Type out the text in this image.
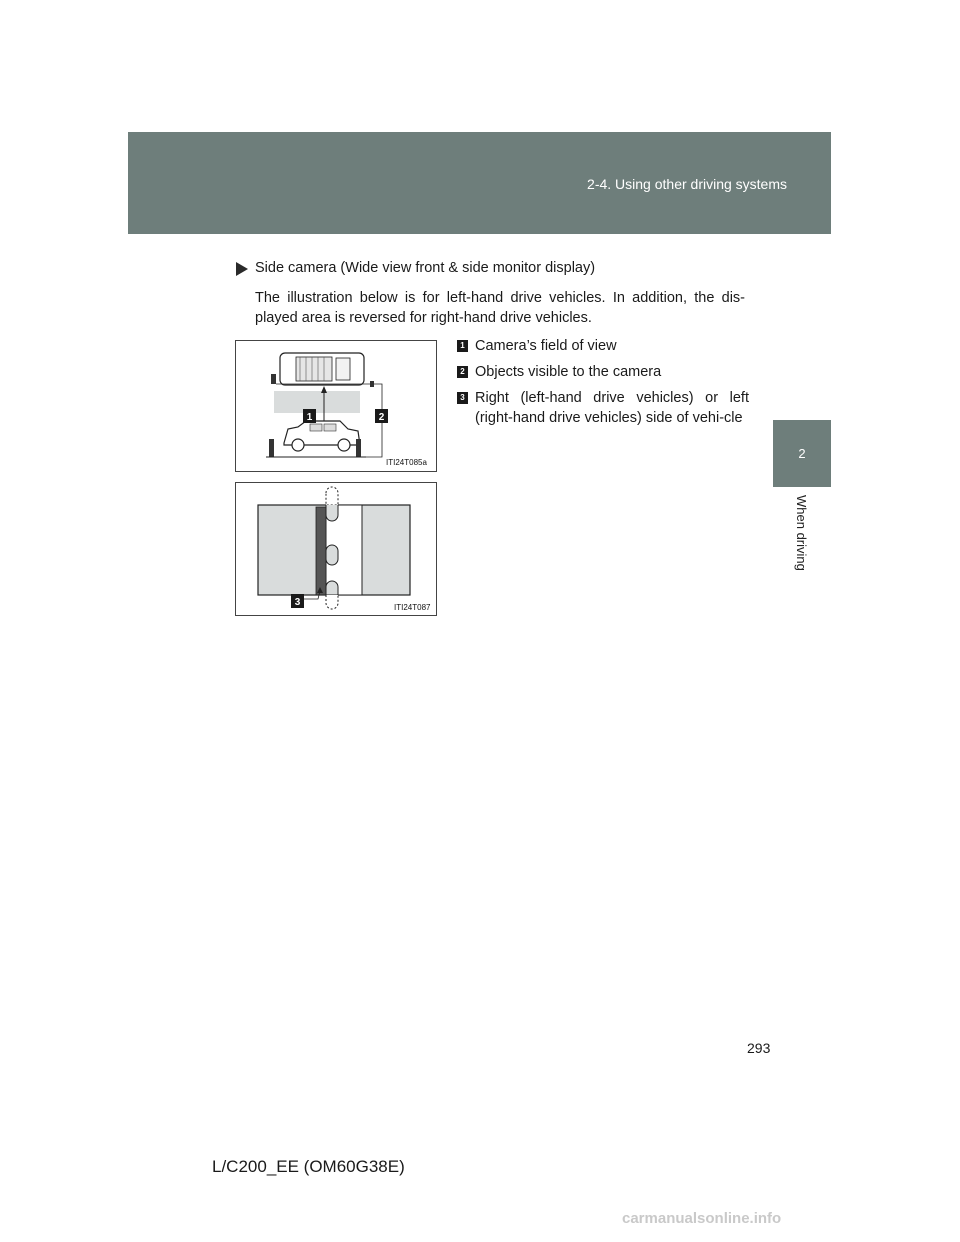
2-4. Using other driving systems
2
When driving
Side camera (Wide view front & side monitor display)
The illustration below is for left-hand drive vehicles. In addition, the dis-played area is reversed for right-hand drive vehicles.
1	2
ITI24T085a
3	ITI24T087
1 Camera’s field of view
2 Objects visible to the camera
3 Right (left-hand drive vehicles) or left (right-hand drive vehicles) side of vehi-cle
293
L/C200_EE (OM60G38E)
carmanualsonline.info
